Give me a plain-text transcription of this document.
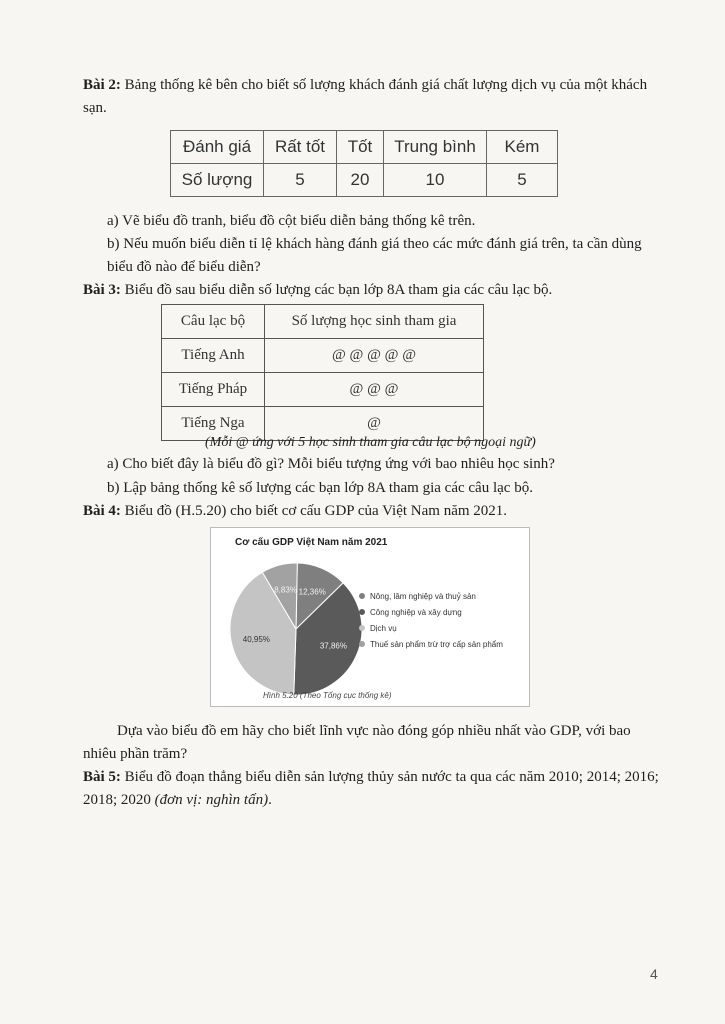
Bài 2: Bảng thống kê bên cho biết số lượng khách đánh giá chất lượng dịch vụ của một khách sạn.

Đánh giá	Rất tốt	Tốt	Trung bình	Kém
Số lượng	5	20	10	5

a) Vẽ biểu đồ tranh, biểu đồ cột biểu diễn bảng thống kê trên.

b) Nếu muốn biểu diễn tỉ lệ khách hàng đánh giá theo các mức đánh giá trên, ta cần dùng biểu đồ nào để biểu diễn?

Bài 3: Biểu đồ sau biểu diễn số lượng các bạn lớp 8A tham gia các câu lạc bộ.

Câu lạc bộ	Số lượng học sinh tham gia
Tiếng Anh	@ @ @ @ @
Tiếng Pháp	@ @ @
Tiếng Nga	@

(Mỗi @ ứng với 5 học sinh tham gia câu lạc bộ ngoại ngữ)

a) Cho biết đây là biểu đồ gì? Mỗi biểu tượng ứng với bao nhiêu học sinh?

b) Lập bảng thống kê số lượng các bạn lớp 8A tham gia các câu lạc bộ.

Bài 4: Biểu đồ (H.5.20) cho biết cơ cấu GDP của Việt Nam năm 2021.

Cơ cấu GDP Việt Nam năm 2021
12,36%
37,86%
40,95%
8,83%
Nông, lâm nghiệp và thuỷ sản
Công nghiệp và xây dựng
Dịch vụ
Thuế sản phẩm trừ trợ cấp sản phẩm
Hình 5.20 (Theo Tổng cục thống kê)

Dựa vào biểu đồ em hãy cho biết lĩnh vực nào đóng góp nhiều nhất vào GDP, với bao nhiêu phần trăm?

Bài 5: Biểu đồ đoạn thẳng biểu diễn sản lượng thủy sản nước ta qua các năm 2010; 2014; 2016; 2018; 2020 (đơn vị: nghìn tấn).

4
